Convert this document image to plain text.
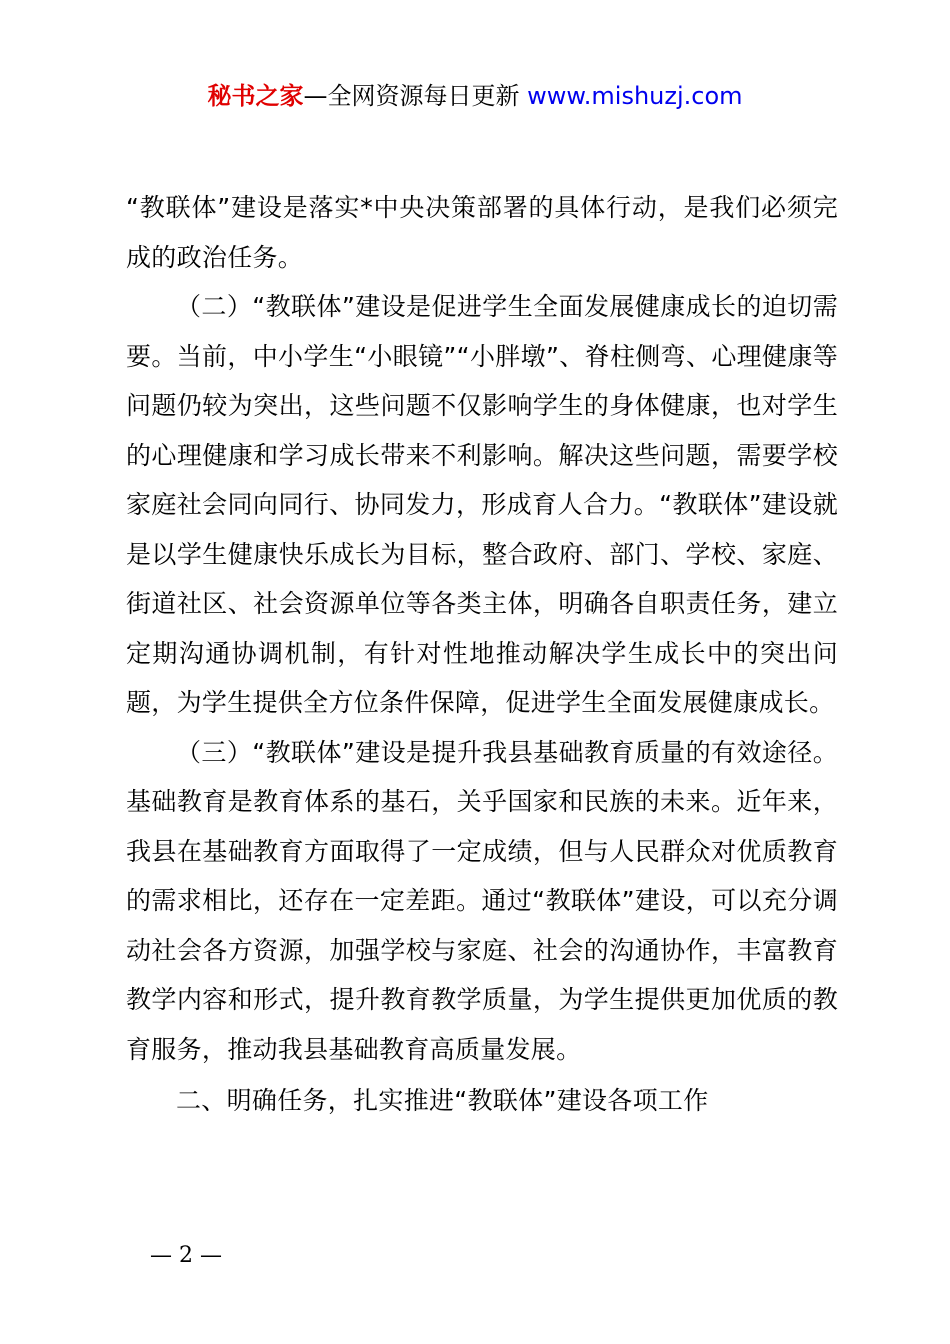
秘书之家—全网资源每日更新 www.mishuzj.com

“教联体”建设是落实*中央决策部署的具体行动，是我们必须完成的政治任务。

（二）“教联体”建设是促进学生全面发展健康成长的迫切需要。当前，中小学生“小眼镜”“小胖墩”、脊柱侧弯、心理健康等问题仍较为突出，这些问题不仅影响学生的身体健康，也对学生的心理健康和学习成长带来不利影响。解决这些问题，需要学校家庭社会同向同行、协同发力，形成育人合力。“教联体”建设就是以学生健康快乐成长为目标，整合政府、部门、学校、家庭、街道社区、社会资源单位等各类主体，明确各自职责任务，建立定期沟通协调机制，有针对性地推动解决学生成长中的突出问题，为学生提供全方位条件保障，促进学生全面发展健康成长。

（三）“教联体”建设是提升我县基础教育质量的有效途径。基础教育是教育体系的基石，关乎国家和民族的未来。近年来，我县在基础教育方面取得了一定成绩，但与人民群众对优质教育的需求相比，还存在一定差距。通过“教联体”建设，可以充分调动社会各方资源，加强学校与家庭、社会的沟通协作，丰富教育教学内容和形式，提升教育教学质量，为学生提供更加优质的教育服务，推动我县基础教育高质量发展。

二、明确任务，扎实推进“教联体”建设各项工作

— 2 —
